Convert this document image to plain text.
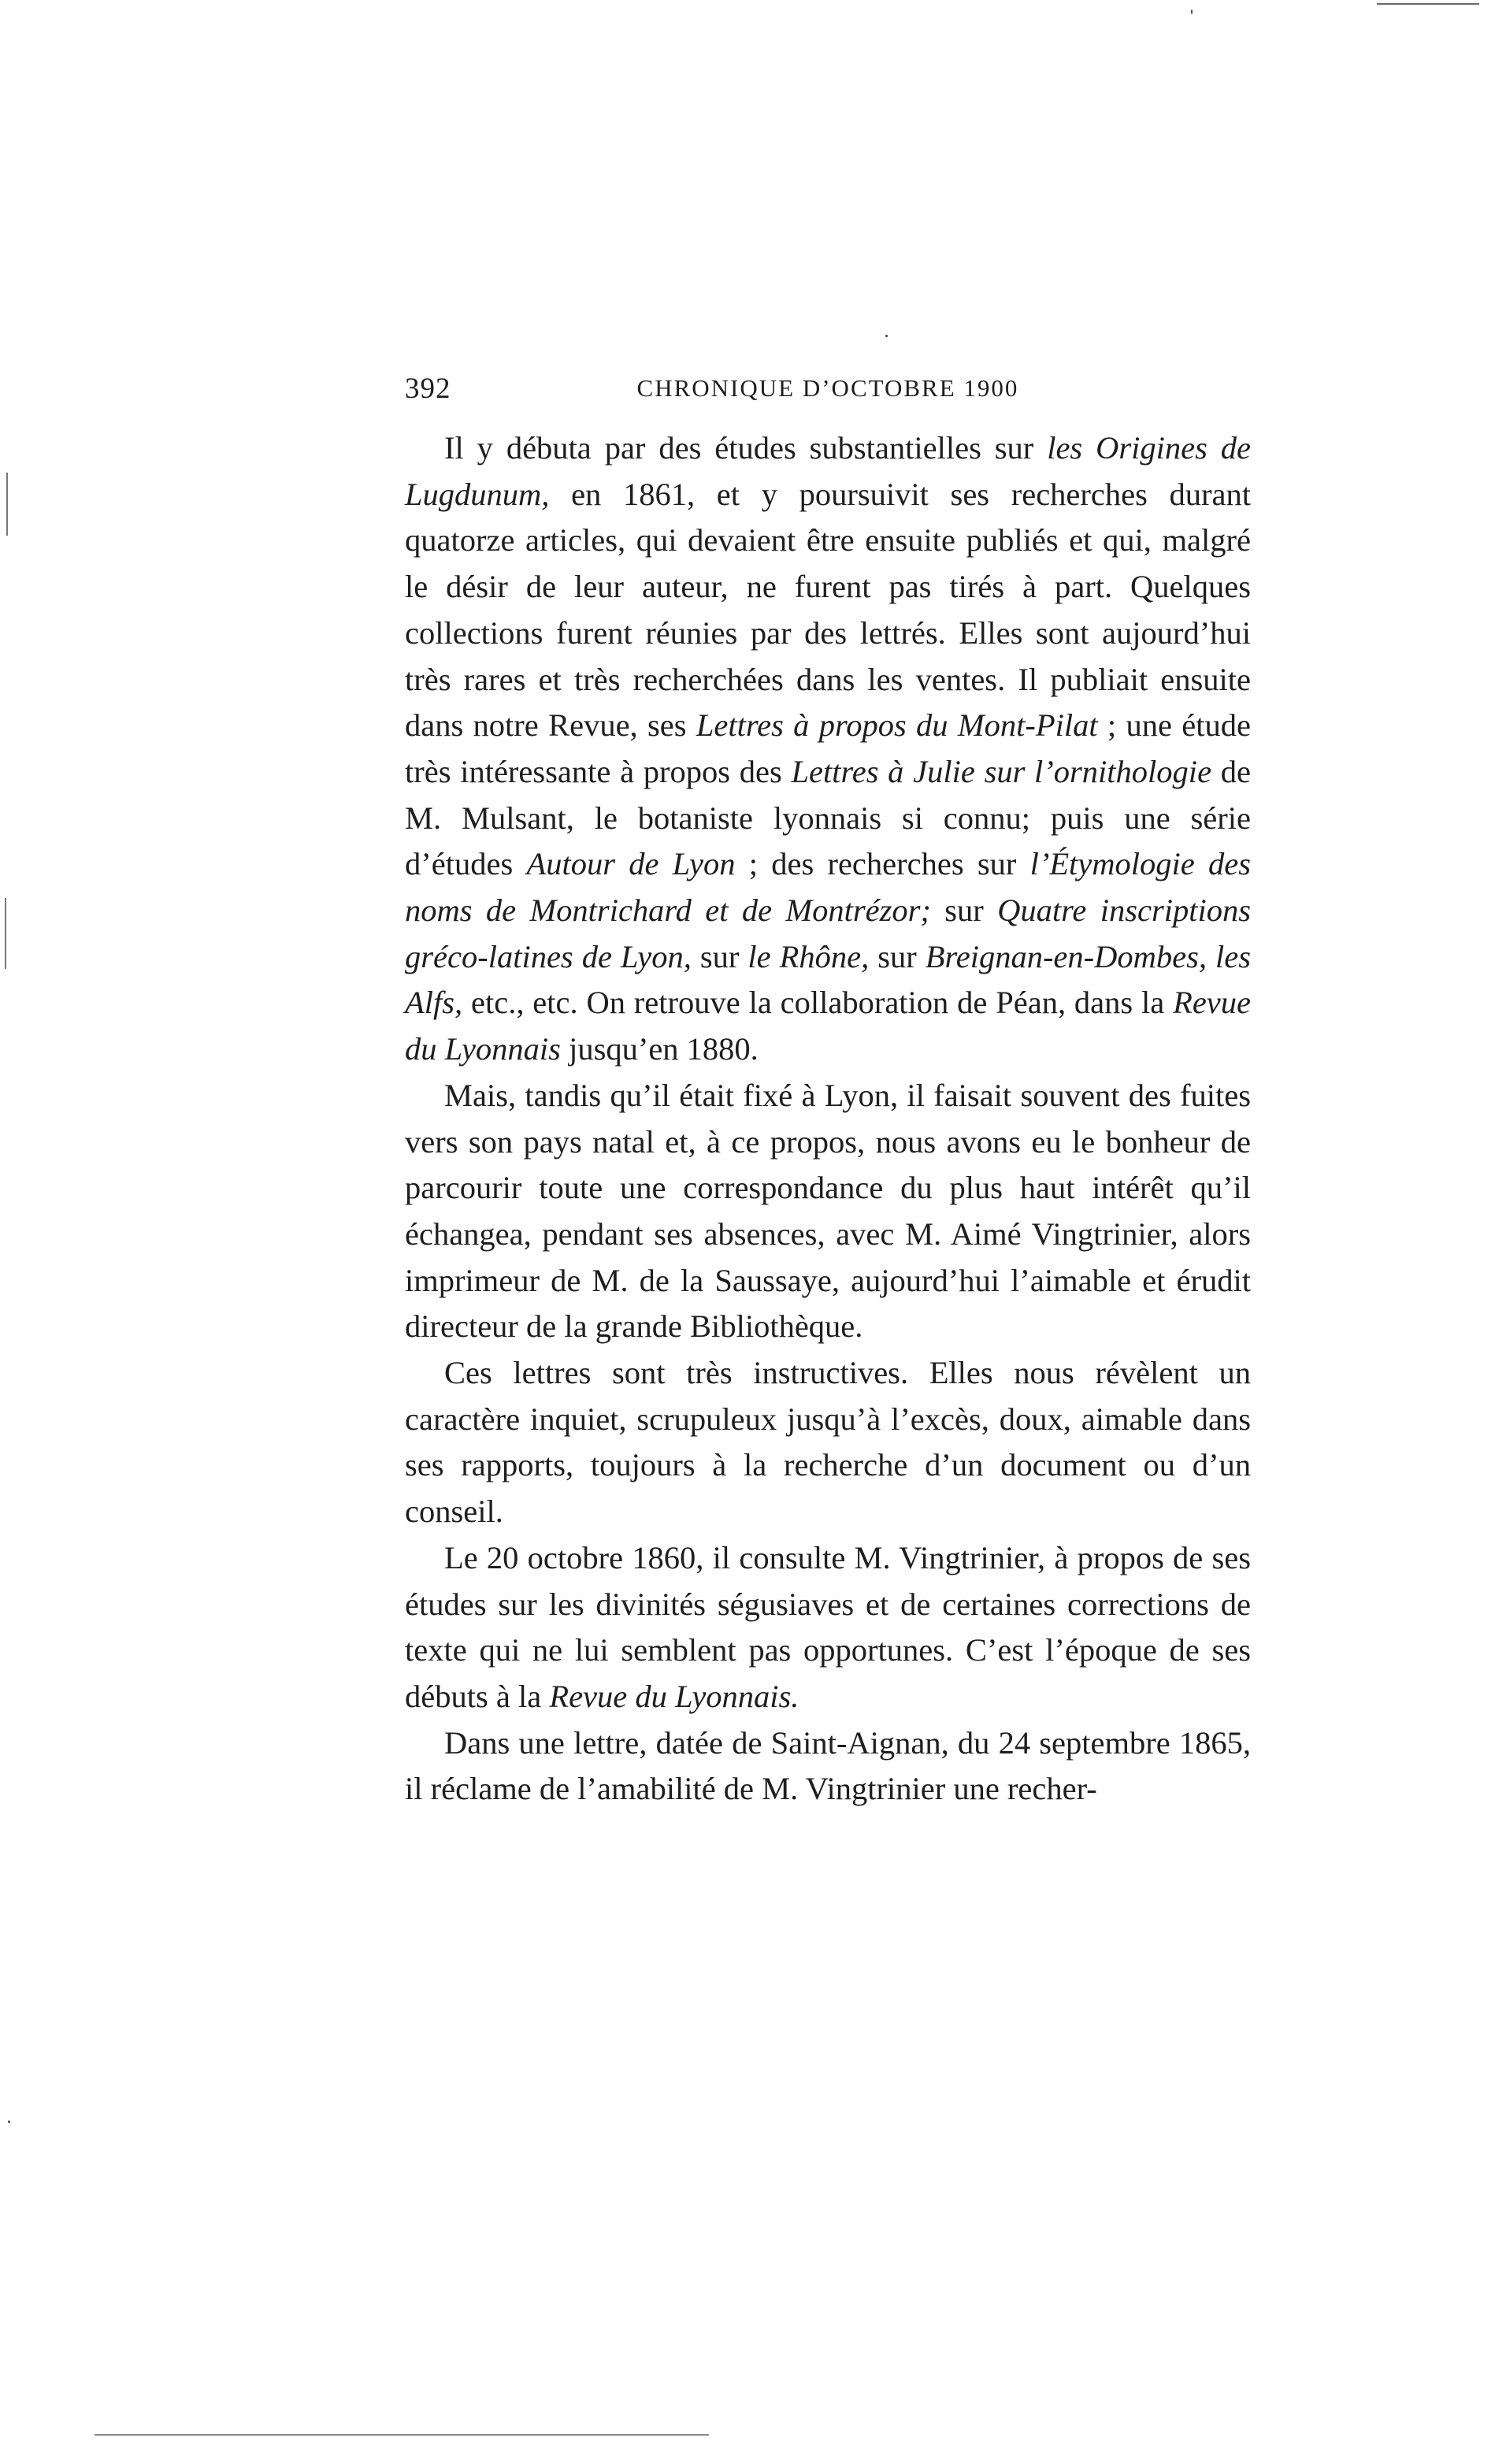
392	CHRONIQUE D’OCTOBRE 1900

Il y débuta par des études substantielles sur les Origines de Lugdunum, en 1861, et y poursuivit ses recherches durant quatorze articles, qui devaient être ensuite publiés et qui, malgré le désir de leur auteur, ne furent pas tirés à part. Quelques collections furent réunies par des lettrés. Elles sont aujourd’hui très rares et très recherchées dans les ventes. Il publiait ensuite dans notre Revue, ses Lettres à propos du Mont-Pilat ; une étude très intéressante à propos des Lettres à Julie sur l’ornithologie de M. Mulsant, le botaniste lyonnais si connu; puis une série d’études Autour de Lyon ; des recherches sur l’Étymologie des noms de Montrichard et de Montrézor; sur Quatre inscriptions gréco-latines de Lyon, sur le Rhône, sur Breignan-en-Dombes, les Alfs, etc., etc. On retrouve la collaboration de Péan, dans la Revue du Lyonnais jusqu’en 1880.

Mais, tandis qu’il était fixé à Lyon, il faisait souvent des fuites vers son pays natal et, à ce propos, nous avons eu le bonheur de parcourir toute une correspondance du plus haut intérêt qu’il échangea, pendant ses absences, avec M. Aimé Vingtrinier, alors imprimeur de M. de la Saussaye, aujourd’hui l’aimable et érudit directeur de la grande Bibliothèque.

Ces lettres sont très instructives. Elles nous révèlent un caractère inquiet, scrupuleux jusqu’à l’excès, doux, aimable dans ses rapports, toujours à la recherche d’un document ou d’un conseil.

Le 20 octobre 1860, il consulte M. Vingtrinier, à propos de ses études sur les divinités ségusiaves et de certaines corrections de texte qui ne lui semblent pas opportunes. C’est l’époque de ses débuts à la Revue du Lyonnais.

Dans une lettre, datée de Saint-Aignan, du 24 septembre 1865, il réclame de l’amabilité de M. Vingtrinier une recher-
